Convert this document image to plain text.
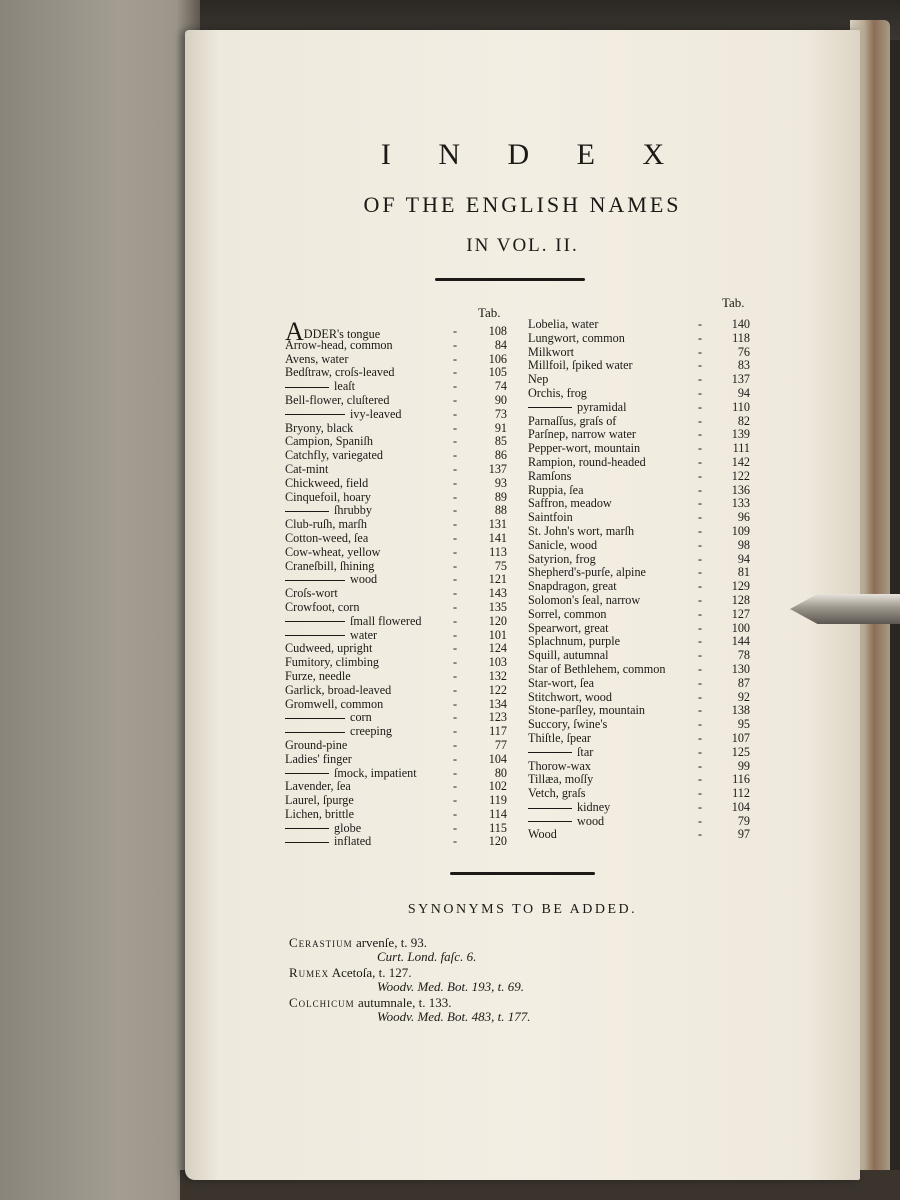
I N D E X
OF THE ENGLISH NAMES
IN VOL. II.
Tab.
Tab.
ADDER's tongue	-	108
Arrow-head, common	-	84
Avens, water	-	106
Bedſtraw, croſs-leaved	-	105
leaſt	-	74
Bell-flower, cluſtered	-	90
ivy-leaved	-	73
Bryony, black	-	91
Campion, Spaniſh	-	85
Catchfly, variegated	-	86
Cat-mint	-	137
Chickweed, field	-	93
Cinquefoil, hoary	-	89
ſhrubby	-	88
Club-ruſh, marſh	-	131
Cotton-weed, ſea	-	141
Cow-wheat, yellow	-	113
Craneſbill, ſhining	-	75
wood	-	121
Croſs-wort	-	143
Crowfoot, corn	-	135
ſmall flowered	-	120
water	-	101
Cudweed, upright	-	124
Fumitory, climbing	-	103
Furze, needle	-	132
Garlick, broad-leaved	-	122
Gromwell, common	-	134
corn	-	123
creeping	-	117
Ground-pine	-	77
Ladies' finger	-	104
ſmock, impatient	-	80
Lavender, ſea	-	102
Laurel, ſpurge	-	119
Lichen, brittle	-	114
globe	-	115
inflated	-	120
Lobelia, water	-	140
Lungwort, common	-	118
Milkwort	-	76
Millfoil, ſpiked water	-	83
Nep	-	137
Orchis, frog	-	94
pyramidal	-	110
Parnaſſus, graſs of	-	82
Parſnep, narrow water	-	139
Pepper-wort, mountain	-	111
Rampion, round-headed	-	142
Ramſons	-	122
Ruppia, ſea	-	136
Saffron, meadow	-	133
Saintfoin	-	96
St. John's wort, marſh	-	109
Sanicle, wood	-	98
Satyrion, frog	-	94
Shepherd's-purſe, alpine	-	81
Snapdragon, great	-	129
Solomon's ſeal, narrow	-	128
Sorrel, common	-	127
Spearwort, great	-	100
Splachnum, purple	-	144
Squill, autumnal	-	78
Star of Bethlehem, common	-	130
Star-wort, ſea	-	87
Stitchwort, wood	-	92
Stone-parſley, mountain	-	138
Succory, ſwine's	-	95
Thiſtle, ſpear	-	107
ſtar	-	125
Thorow-wax	-	99
Tillæa, moſſy	-	116
Vetch, graſs	-	112
kidney	-	104
wood	-	79
Wood	-	97
SYNONYMS TO BE ADDED.
Cerastium arvenſe, t. 93.
Curt. Lond. faſc. 6.
Rumex Acetoſa, t. 127.
Woodv. Med. Bot. 193, t. 69.
Colchicum autumnale, t. 133.
Woodv. Med. Bot. 483, t. 177.
